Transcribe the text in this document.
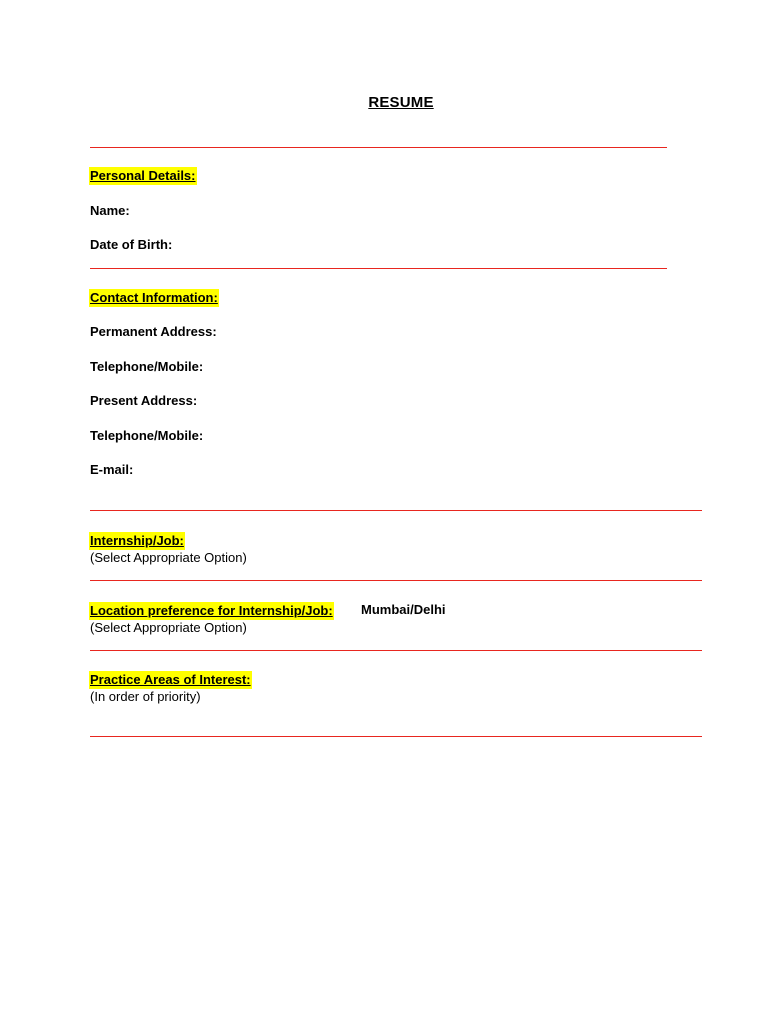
RESUME
Personal Details:
Name:
Date of Birth:
Contact Information:
Permanent Address:
Telephone/Mobile:
Present Address:
Telephone/Mobile:
E-mail:
Internship/Job:
(Select Appropriate Option)
Location preference for Internship/Job: Mumbai/Delhi
(Select Appropriate Option)
Practice Areas of Interest:
(In order of priority)
